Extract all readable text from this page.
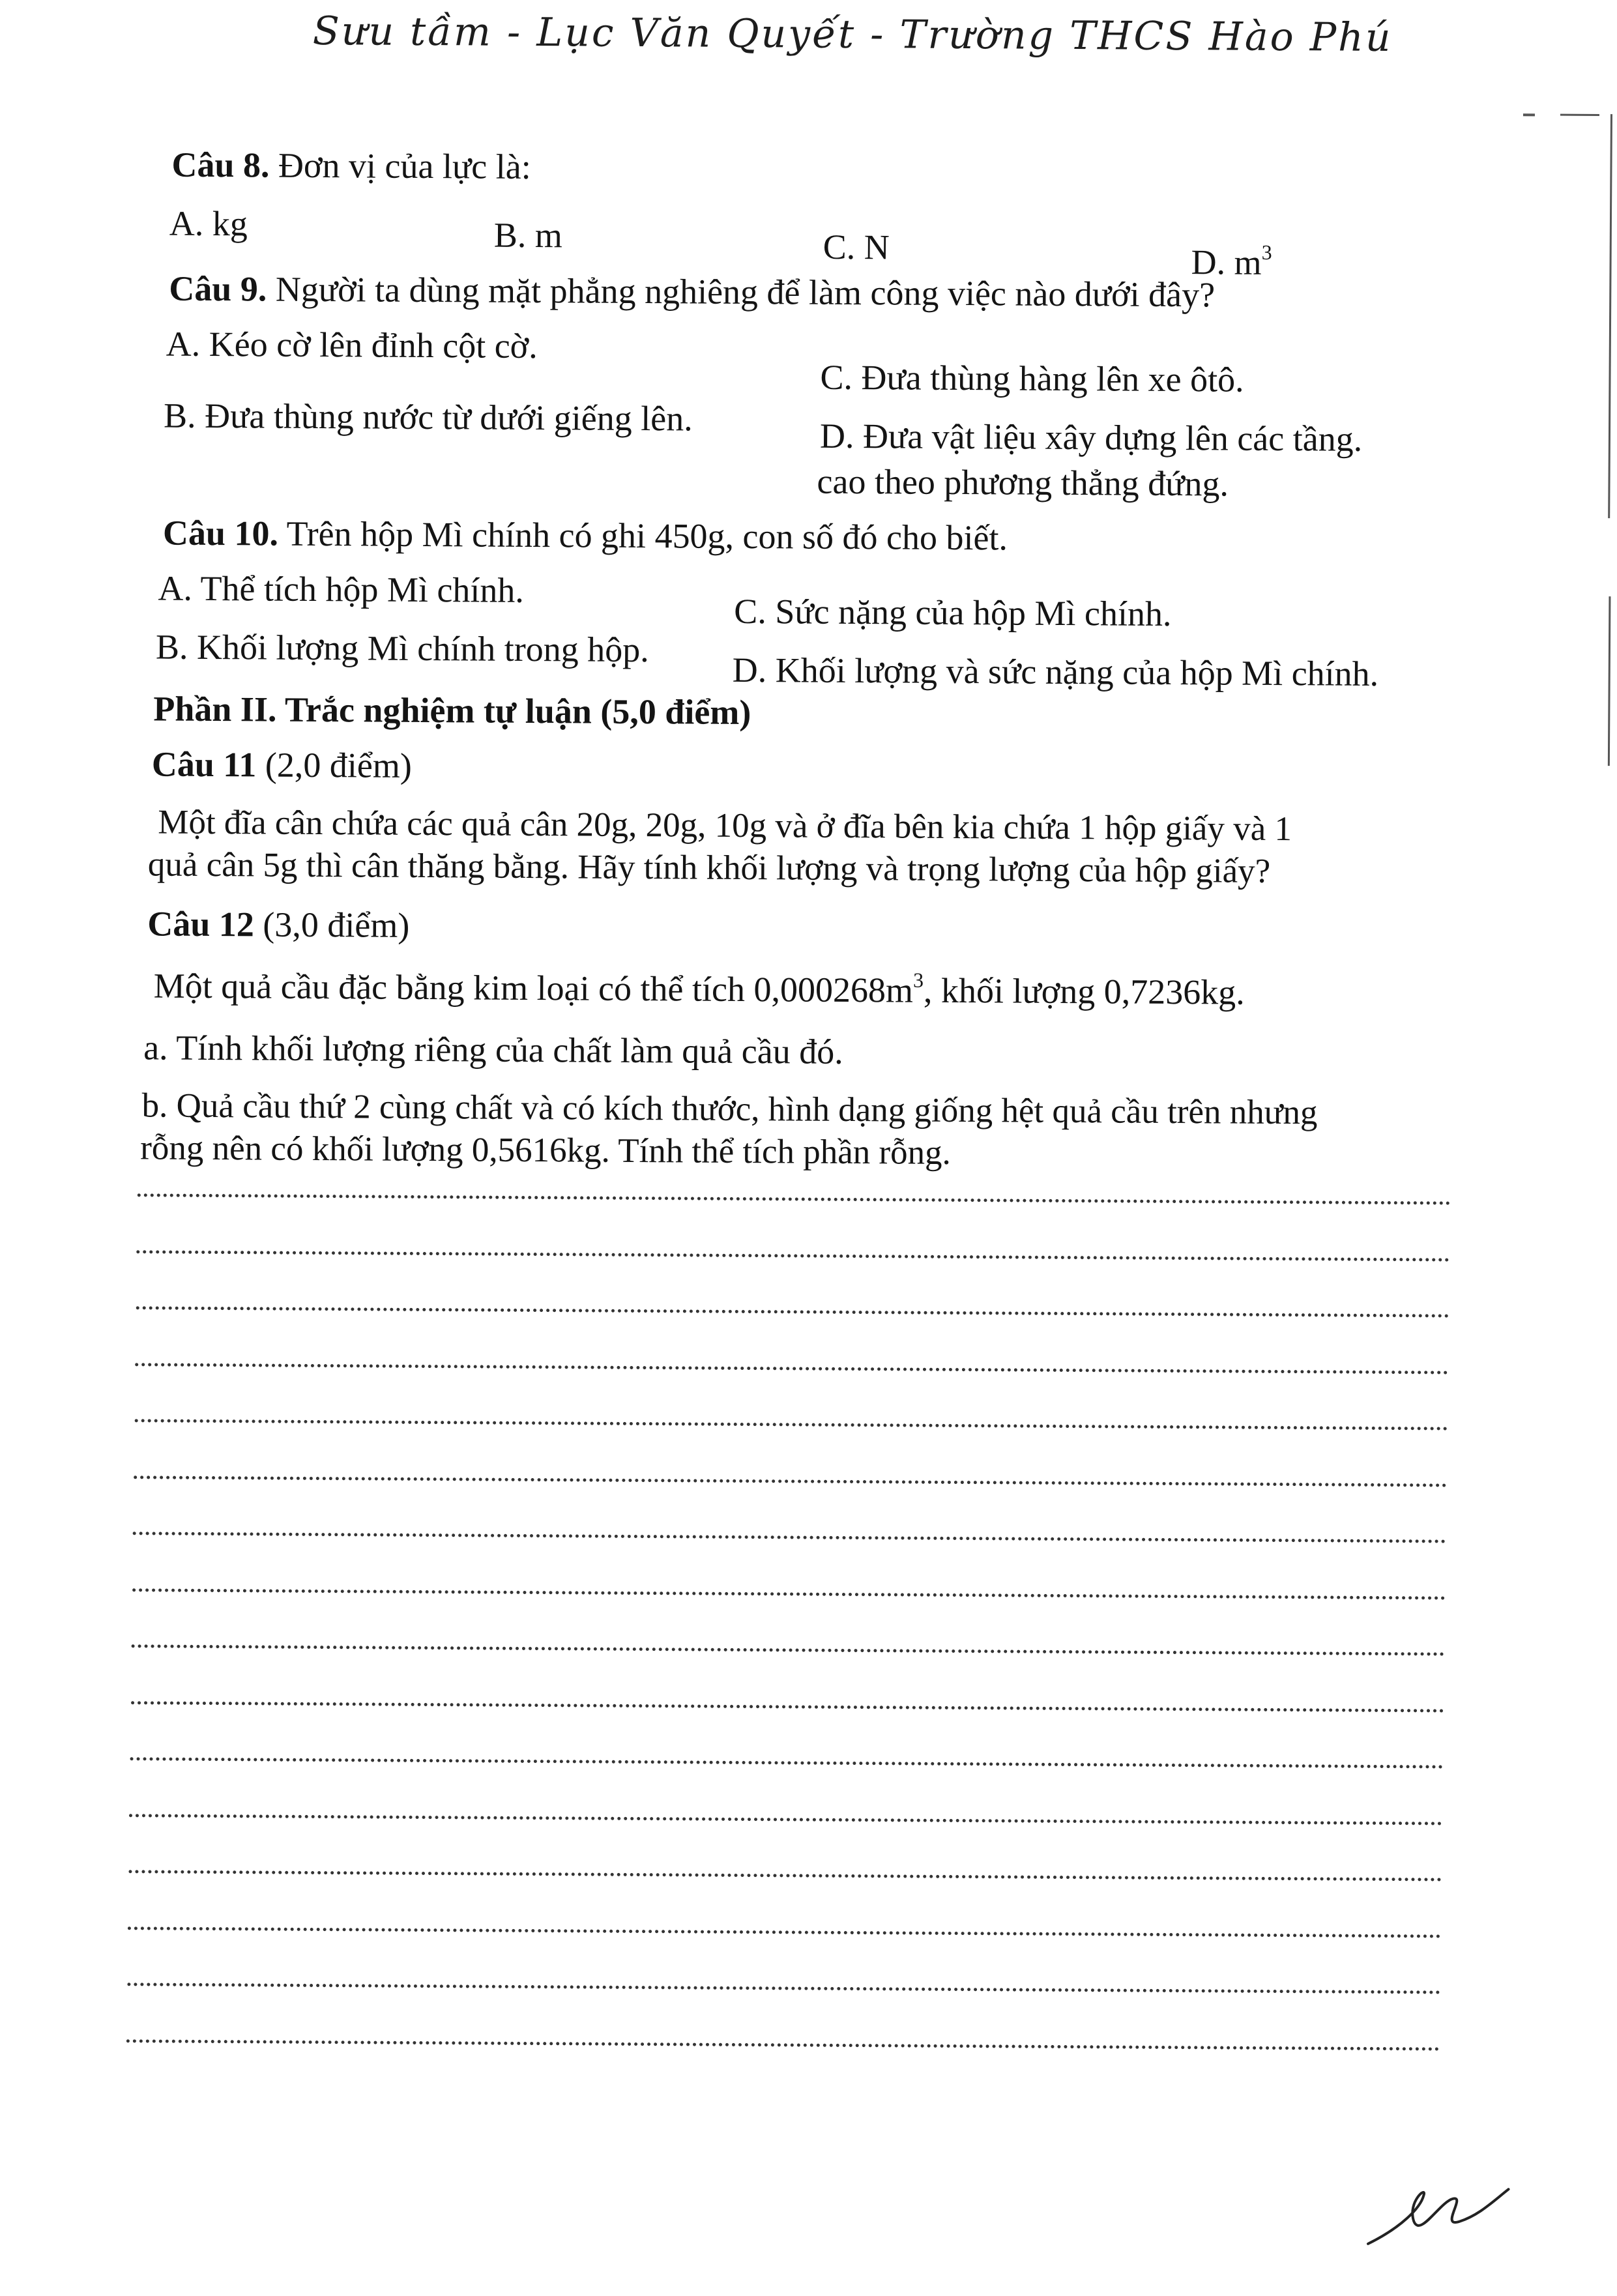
Sưu tầm - Lục Văn Quyết - Trường THCS Hào Phú
Câu 8. Đơn vị của lực là:
A. kg	B. m	C. N	D. $m^3$
Câu 9. Người ta dùng mặt phẳng nghiêng để làm công việc nào dưới đây?
A. Kéo cờ lên đỉnh cột cờ.
C. Đưa thùng hàng lên xe ôtô.
B. Đưa thùng nước từ dưới giếng lên.	D. Đưa vật liệu xây dựng lên các tầng.
cao theo phương thẳng đứng.
Câu 10. Trên hộp Mì chính có ghi 450g, con số đó cho biết.
A. Thể tích hộp Mì chính.
C. Sức nặng của hộp Mì chính.
B. Khối lượng Mì chính trong hộp.
D. Khối lượng và sức nặng của hộp Mì chính.
Phần II. Trắc nghiệm tự luận (5,0 điểm)
Câu 11 (2,0 điểm)
Một đĩa cân chứa các quả cân 20g, 20g, 10g và ở đĩa bên kia chứa 1 hộp giấy và 1
quả cân 5g thì cân thăng bằng. Hãy tính khối lượng và trọng lượng của hộp giấy?
Câu 12 (3,0 điểm)
Một quả cầu đặc bằng kim loại có thể tích $0,000268m^3$, khối lượng 0,7236kg.
a. Tính khối lượng riêng của chất làm quả cầu đó.
b. Quả cầu thứ 2 cùng chất và có kích thước, hình dạng giống hệt quả cầu trên nhưng
rỗng nên có khối lượng 0,5616kg. Tính thể tích phần rỗng.
